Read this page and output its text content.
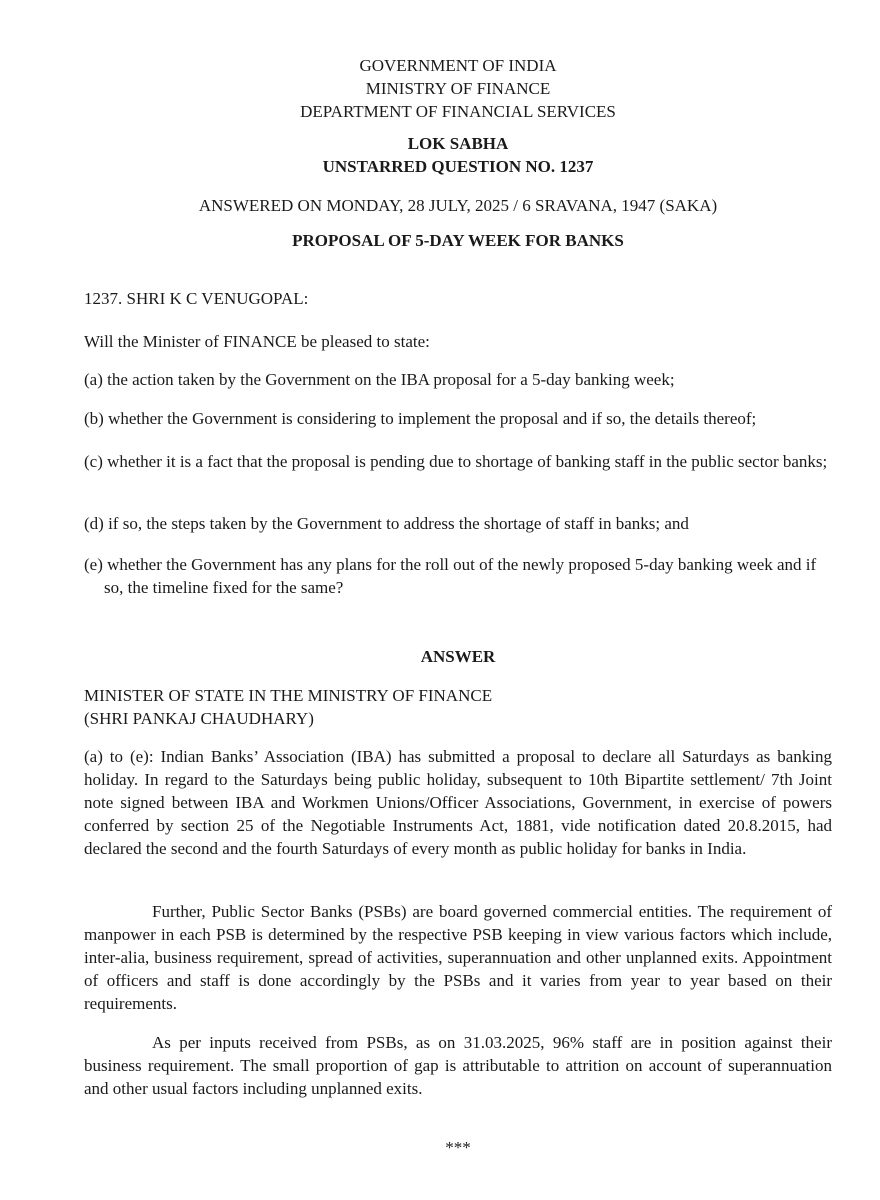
GOVERNMENT OF INDIA
MINISTRY OF FINANCE
DEPARTMENT OF FINANCIAL SERVICES
LOK SABHA
UNSTARRED QUESTION NO. 1237
ANSWERED ON MONDAY, 28 JULY, 2025 / 6 SRAVANA, 1947 (SAKA)
PROPOSAL OF 5-DAY WEEK FOR BANKS
1237. SHRI K C VENUGOPAL:
Will the Minister of FINANCE be pleased to state:
(a) the action taken by the Government on the IBA proposal for a 5-day banking week;
(b) whether the Government is considering to implement the proposal and if so, the details thereof;
(c) whether it is a fact that the proposal is pending due to shortage of banking staff in the public sector banks;
(d) if so, the steps taken by the Government to address the shortage of staff in banks; and
(e) whether the Government has any plans for the roll out of the newly proposed 5-day banking week and if so, the timeline fixed for the same?
ANSWER
MINISTER OF STATE IN THE MINISTRY OF FINANCE
(SHRI PANKAJ CHAUDHARY)
(a) to (e): Indian Banks’ Association (IBA) has submitted a proposal to declare all Saturdays as banking holiday. In regard to the Saturdays being public holiday, subsequent to 10th Bipartite settlement/ 7th Joint note signed between IBA and Workmen Unions/Officer Associations, Government, in exercise of powers conferred by section 25 of the Negotiable Instruments Act, 1881, vide notification dated 20.8.2015, had declared the second and the fourth Saturdays of every month as public holiday for banks in India.
Further, Public Sector Banks (PSBs) are board governed commercial entities. The requirement of manpower in each PSB is determined by the respective PSB keeping in view various factors which include, inter-alia, business requirement, spread of activities, superannuation and other unplanned exits. Appointment of officers and staff is done accordingly by the PSBs and it varies from year to year based on their requirements.
As per inputs received from PSBs, as on 31.03.2025, 96% staff are in position against their business requirement. The small proportion of gap is attributable to attrition on account of superannuation and other usual factors including unplanned exits.
***
